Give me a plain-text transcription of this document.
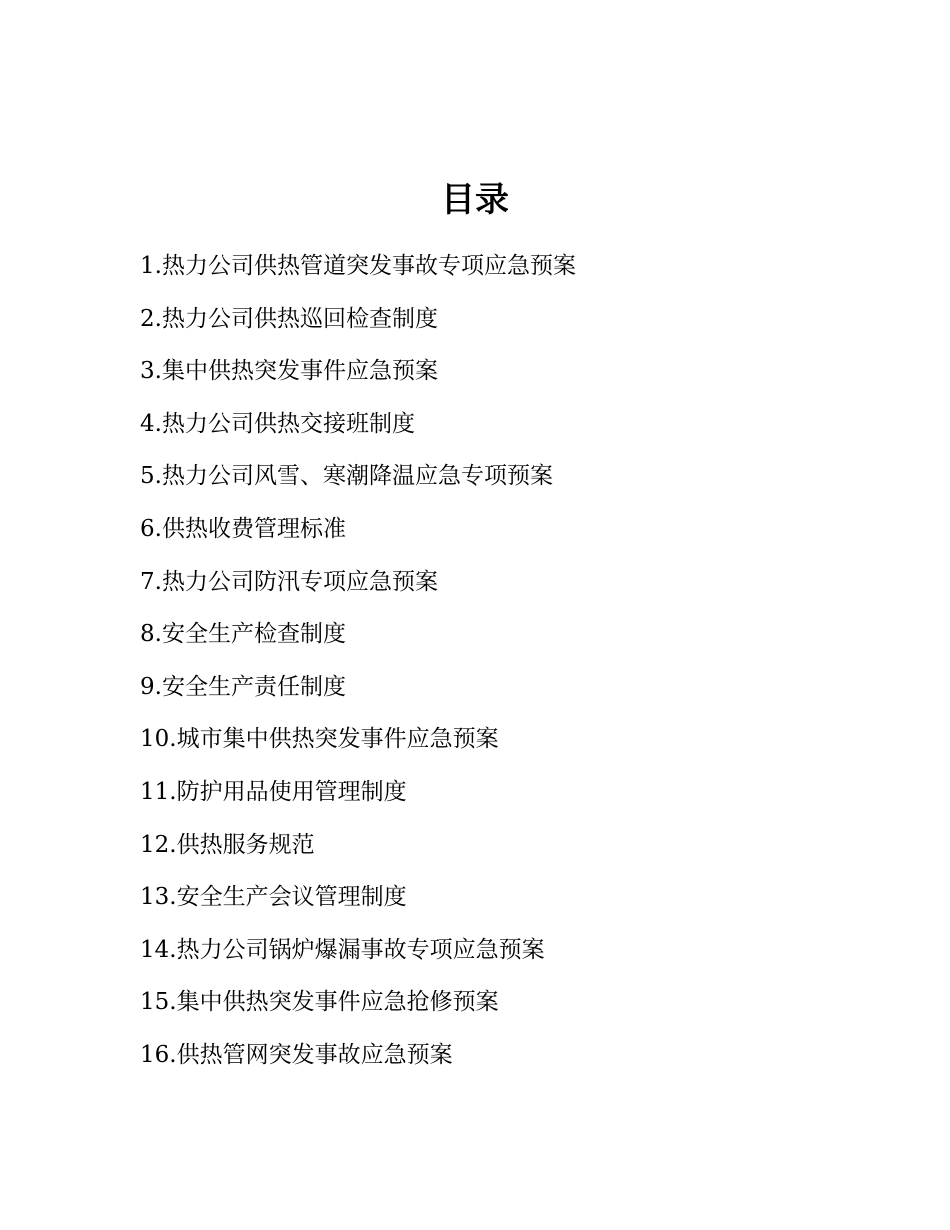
目录
1.热力公司供热管道突发事故专项应急预案
2.热力公司供热巡回检查制度
3.集中供热突发事件应急预案
4.热力公司供热交接班制度
5.热力公司风雪、寒潮降温应急专项预案
6.供热收费管理标准
7.热力公司防汛专项应急预案
8.安全生产检查制度
9.安全生产责任制度
10.城市集中供热突发事件应急预案
11.防护用品使用管理制度
12.供热服务规范
13.安全生产会议管理制度
14.热力公司锅炉爆漏事故专项应急预案
15.集中供热突发事件应急抢修预案
16.供热管网突发事故应急预案
